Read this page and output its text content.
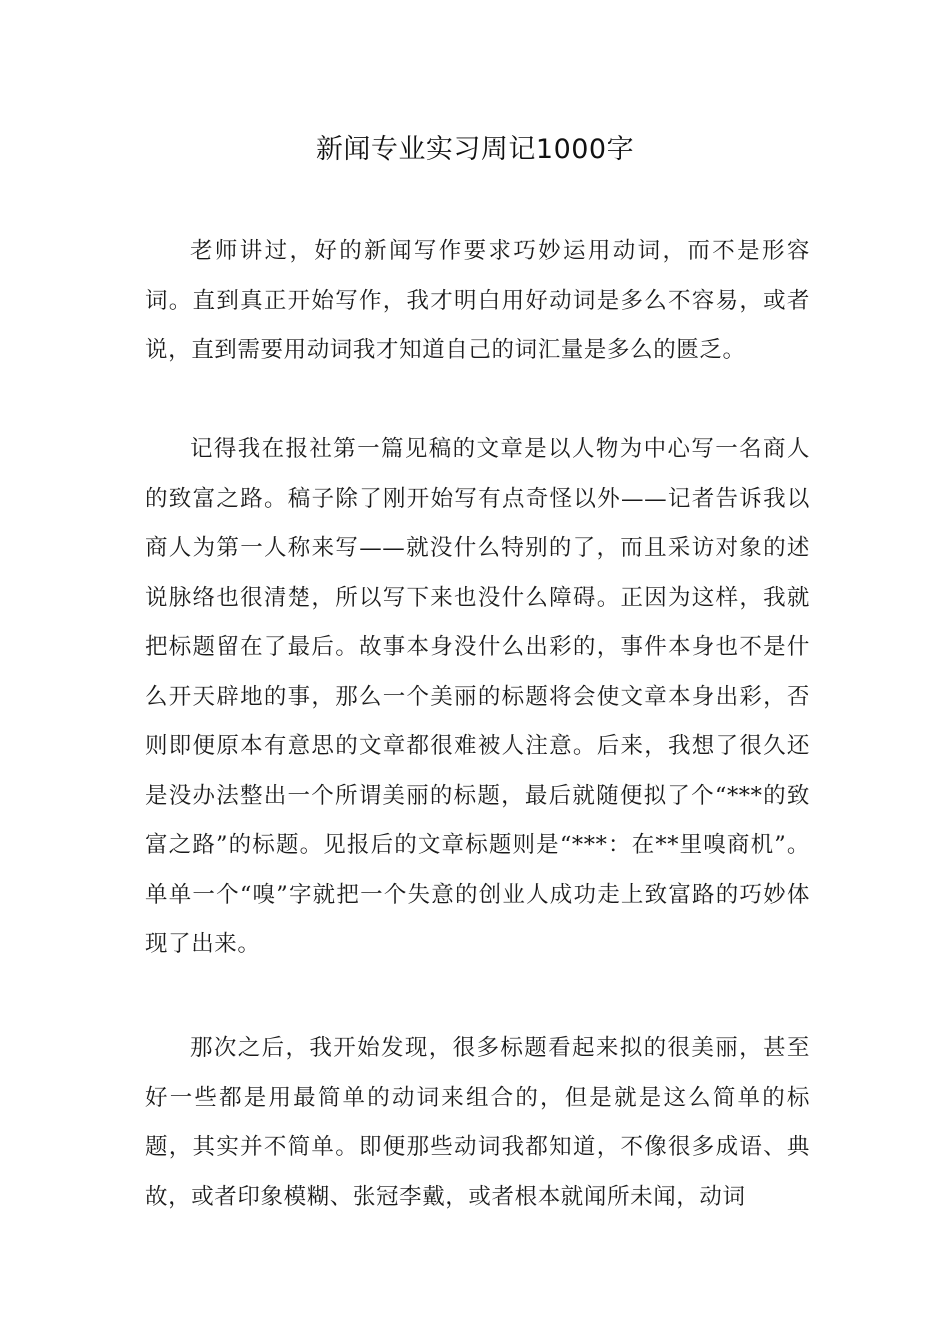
新闻专业实习周记1000字

老师讲过，好的新闻写作要求巧妙运用动词，而不是形容词。直到真正开始写作，我才明白用好动词是多么不容易，或者说，直到需要用动词我才知道自己的词汇量是多么的匮乏。

记得我在报社第一篇见稿的文章是以人物为中心写一名商人的致富之路。稿子除了刚开始写有点奇怪以外——记者告诉我以商人为第一人称来写——就没什么特别的了，而且采访对象的述说脉络也很清楚，所以写下来也没什么障碍。正因为这样，我就把标题留在了最后。故事本身没什么出彩的，事件本身也不是什么开天辟地的事，那么一个美丽的标题将会使文章本身出彩，否则即便原本有意思的文章都很难被人注意。后来，我想了很久还是没办法整出一个所谓美丽的标题，最后就随便拟了个“***的致富之路”的标题。见报后的文章标题则是“***：在**里嗅商机”。单单一个“嗅”字就把一个失意的创业人成功走上致富路的巧妙体现了出来。

那次之后，我开始发现，很多标题看起来拟的很美丽，甚至好一些都是用最简单的动词来组合的，但是就是这么简单的标题，其实并不简单。即便那些动词我都知道，不像很多成语、典故，或者印象模糊、张冠李戴，或者根本就闻所未闻，动词
